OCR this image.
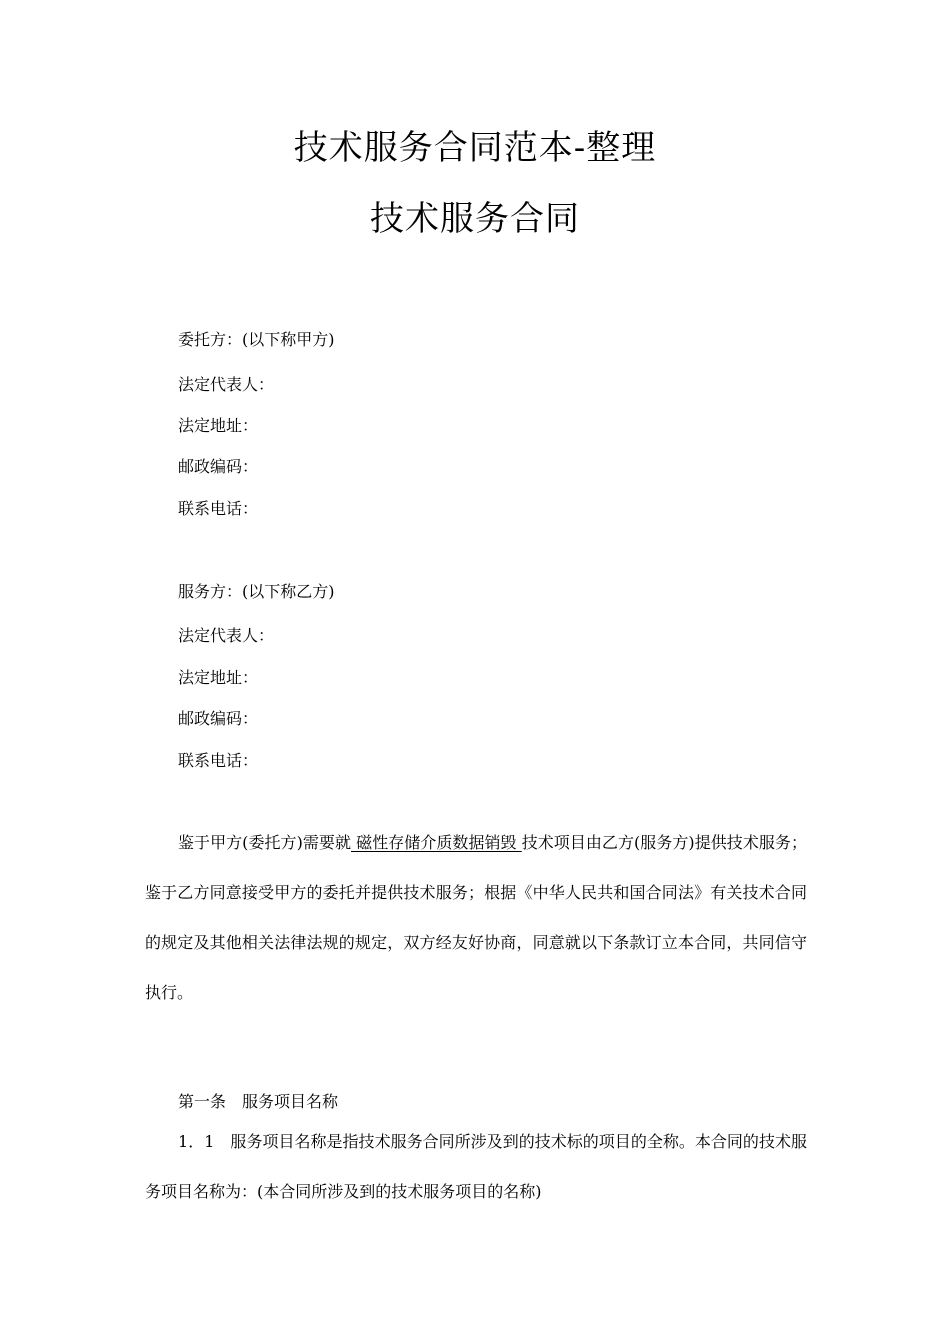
技术服务合同范本-整理
技术服务合同
委托方：(以下称甲方)
法定代表人：
法定地址：
邮政编码：
联系电话：
服务方：(以下称乙方)
法定代表人：
法定地址：
邮政编码：
联系电话：
鉴于甲方(委托方)需要就 磁性存储介质数据销毁 技术项目由乙方(服务方)提供技术服务；鉴于乙方同意接受甲方的委托并提供技术服务；根据《中华人民共和国合同法》有关技术合同的规定及其他相关法律法规的规定，双方经友好协商，同意就以下条款订立本合同，共同信守执行。
第一条　服务项目名称
1．1　服务项目名称是指技术服务合同所涉及到的技术标的项目的全称。本合同的技术服务项目名称为：(本合同所涉及到的技术服务项目的名称)
